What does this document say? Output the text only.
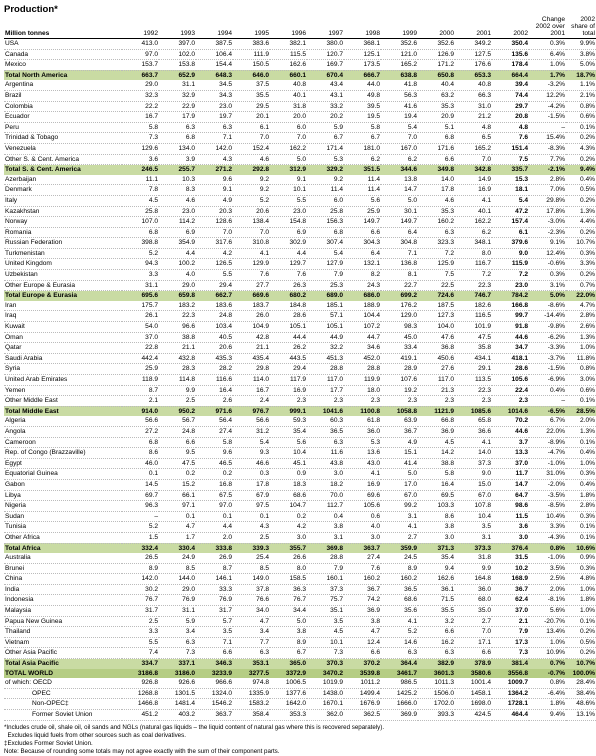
Production*
Million tonnes	1992	1993	1994	1995	1996	1997	1998	1999	2000	2001	2002	Change 2002 over 2001	2002 share of total
USA	413.0	397.0	387.5	383.6	382.1	380.0	368.1	352.6	352.6	349.2	350.4	0.3%	9.9%
Canada	97.0	102.0	106.4	111.9	115.5	120.7	125.1	121.0	126.9	127.5	135.6	6.4%	3.8%
Mexico	153.7	153.8	154.4	150.5	162.6	169.7	173.5	165.2	171.2	176.6	178.4	1.0%	5.0%
Total North America	663.7	652.9	648.3	646.0	660.1	670.4	666.7	638.8	650.8	653.3	664.4	1.7%	18.7%
Argentina	29.0	31.1	34.5	37.5	40.8	43.4	44.0	41.8	40.4	40.8	39.4	-3.2%	1.1%
Brazil	32.3	32.9	34.3	35.5	40.1	43.1	49.8	56.3	63.2	66.3	74.4	12.2%	2.1%
Colombia	22.2	22.9	23.0	29.5	31.8	33.2	39.5	41.6	35.3	31.0	29.7	-4.2%	0.8%
Ecuador	16.7	17.9	19.7	20.1	20.0	20.2	19.5	19.4	20.9	21.2	20.8	-1.5%	0.6%
Peru	5.8	6.3	6.3	6.1	6.0	5.9	5.8	5.4	5.1	4.8	4.8	–	0.1%
Trinidad & Tobago	7.3	6.8	7.1	7.0	7.0	6.7	6.7	7.0	6.8	6.5	7.6	15.4%	0.2%
Venezuela	129.6	134.0	142.0	152.4	162.2	171.4	181.0	167.0	171.6	165.2	151.4	-8.3%	4.3%
Other S. & Cent. America	3.6	3.9	4.3	4.6	5.0	5.3	6.2	6.2	6.6	7.0	7.5	7.7%	0.2%
Total S. & Cent. America	246.5	255.7	271.2	292.8	312.9	329.2	351.5	344.6	349.8	342.8	335.7	-2.1%	9.4%
Azerbaijan	11.1	10.3	9.6	9.2	9.1	9.2	11.4	13.8	14.0	14.9	15.3	2.8%	0.4%
Denmark	7.8	8.3	9.1	9.2	10.1	11.4	11.4	14.7	17.8	16.9	18.1	7.0%	0.5%
Italy	4.5	4.6	4.9	5.2	5.5	6.0	5.6	5.0	4.6	4.1	5.4	29.8%	0.2%
Kazakhstan	25.8	23.0	20.3	20.6	23.0	25.8	25.9	30.1	35.3	40.1	47.2	17.8%	1.3%
Norway	107.0	114.2	128.6	138.4	154.8	156.3	149.7	149.7	160.2	162.2	157.4	-3.0%	4.4%
Romania	6.8	6.9	7.0	7.0	6.9	6.8	6.6	6.4	6.3	6.2	6.1	-2.3%	0.2%
Russian Federation	398.8	354.9	317.6	310.8	302.9	307.4	304.3	304.8	323.3	348.1	379.6	9.1%	10.7%
Turkmenistan	5.2	4.4	4.2	4.1	4.4	5.4	6.4	7.1	7.2	8.0	9.0	12.4%	0.3%
United Kingdom	94.3	100.2	126.5	129.9	129.7	127.9	132.1	136.8	125.9	116.7	115.9	-0.6%	3.3%
Uzbekistan	3.3	4.0	5.5	7.6	7.6	7.9	8.2	8.1	7.5	7.2	7.2	0.3%	0.2%
Other Europe & Eurasia	31.1	29.0	29.4	27.7	26.3	25.3	24.3	22.7	22.5	22.3	23.0	3.1%	0.7%
Total Europe & Eurasia	695.6	659.8	662.7	669.6	680.2	689.0	686.0	699.2	724.6	746.7	784.2	5.0%	22.0%
Iran	175.7	183.2	183.6	183.7	184.8	185.1	188.9	176.2	187.5	182.6	166.8	-8.6%	4.7%
Iraq	26.1	22.3	24.8	26.0	28.6	57.1	104.4	129.0	127.3	116.5	99.7	-14.4%	2.8%
Kuwait	54.0	96.6	103.4	104.9	105.1	105.1	107.2	98.3	104.0	101.9	91.8	-9.8%	2.6%
Oman	37.0	38.8	40.5	42.8	44.4	44.9	44.7	45.0	47.6	47.5	44.6	-6.2%	1.3%
Qatar	22.8	21.1	20.6	21.1	26.2	32.2	34.6	33.4	36.8	35.8	34.7	-3.3%	1.0%
Saudi Arabia	442.4	432.8	435.3	435.4	443.5	451.3	452.0	419.1	450.6	434.1	418.1	-3.7%	11.8%
Syria	25.9	28.3	28.2	29.8	29.4	28.8	28.8	28.9	27.6	29.1	28.6	-1.5%	0.8%
United Arab Emirates	118.9	114.8	116.6	114.0	117.9	117.0	119.9	107.6	117.0	113.5	105.6	-6.9%	3.0%
Yemen	8.7	9.9	16.4	16.7	16.9	17.7	18.0	19.2	21.3	22.3	22.4	0.4%	0.6%
Other Middle East	2.1	2.5	2.6	2.4	2.3	2.3	2.3	2.3	2.3	2.3	2.3	–	0.1%
Total Middle East	914.0	950.2	971.6	976.7	999.1	1041.6	1100.8	1058.8	1121.9	1085.6	1014.6	-6.5%	28.5%
Algeria	56.6	56.7	56.4	56.6	59.3	60.3	61.8	63.9	66.8	65.8	70.2	6.7%	2.0%
Angola	27.2	24.8	27.4	31.2	35.4	36.5	36.0	36.7	36.9	36.6	44.6	22.0%	1.3%
Cameroon	6.8	6.6	5.8	5.4	5.6	6.3	5.3	4.9	4.5	4.1	3.7	-8.9%	0.1%
Rep. of Congo (Brazzaville)	8.6	9.5	9.6	9.3	10.4	11.6	13.6	15.1	14.2	14.0	13.3	-4.7%	0.4%
Egypt	46.0	47.5	46.5	46.6	45.1	43.8	43.0	41.4	38.8	37.3	37.0	-1.0%	1.0%
Equatorial Guinea	0.1	0.2	0.2	0.3	0.9	3.0	4.1	5.0	5.8	9.0	11.7	31.0%	0.3%
Gabon	14.5	15.2	16.8	17.8	18.3	18.2	16.9	17.0	16.4	15.0	14.7	-2.0%	0.4%
Libya	69.7	66.1	67.5	67.9	68.6	70.0	69.6	67.0	69.5	67.0	64.7	-3.5%	1.8%
Nigeria	96.3	97.1	97.0	97.5	104.7	112.7	105.6	99.2	103.3	107.8	98.6	-8.5%	2.8%
Sudan	–	0.1	0.1	0.1	0.2	0.4	0.6	3.1	8.6	10.4	11.5	10.4%	0.3%
Tunisia	5.2	4.7	4.4	4.3	4.2	3.8	4.0	4.1	3.8	3.5	3.6	3.3%	0.1%
Other Africa	1.5	1.7	2.0	2.5	3.0	3.1	3.0	2.7	3.0	3.1	3.0	-4.3%	0.1%
Total Africa	332.4	330.4	333.8	339.3	355.7	369.8	363.7	359.9	371.3	373.3	376.4	0.8%	10.6%
Australia	26.5	24.9	26.9	25.4	26.6	28.8	27.4	24.5	35.4	31.8	31.5	-1.0%	0.9%
Brunei	8.9	8.5	8.7	8.5	8.0	7.9	7.6	8.9	9.4	9.9	10.2	3.5%	0.3%
China	142.0	144.0	146.1	149.0	158.5	160.1	160.2	160.2	162.6	164.8	168.9	2.5%	4.8%
India	30.2	29.0	33.3	37.8	36.3	37.3	36.7	36.5	36.1	36.0	36.7	2.0%	1.0%
Indonesia	76.7	76.9	76.9	76.6	76.7	75.7	74.2	68.6	71.5	68.0	62.4	-8.1%	1.8%
Malaysia	31.7	31.1	31.7	34.0	34.4	35.1	36.9	35.6	35.5	35.0	37.0	5.6%	1.0%
Papua New Guinea	2.5	5.9	5.7	4.7	5.0	3.5	3.8	4.1	3.2	2.7	2.1	-20.7%	0.1%
Thailand	3.3	3.4	3.5	3.4	3.8	4.5	4.7	5.2	6.6	7.0	7.9	13.4%	0.2%
Vietnam	5.5	6.3	7.1	7.7	8.9	10.1	12.4	14.6	16.2	17.1	17.3	1.0%	0.5%
Other Asia Pacific	7.4	7.3	6.6	6.3	6.7	7.3	6.6	6.3	6.3	6.6	7.3	10.9%	0.2%
Total Asia Pacific	334.7	337.1	346.3	353.1	365.0	370.3	370.2	364.4	382.9	378.9	381.4	0.7%	10.7%
TOTAL WORLD	3186.8	3186.0	3233.9	3277.5	3372.9	3470.2	3539.8	3461.7	3601.3	3580.6	3556.8	-0.7%	100.0%
of which: OECD	926.8	926.6	966.6	974.8	1006.5	1019.9	1011.2	986.5	1011.3	1001.4	1009.7	0.8%	28.4%
OPEC	1268.8	1301.5	1324.0	1335.9	1377.6	1438.0	1499.4	1425.2	1506.0	1458.1	1364.2	-6.4%	38.4%
Non-OPEC‡	1466.8	1481.4	1546.2	1583.2	1642.0	1670.1	1676.9	1666.0	1702.0	1698.0	1728.1	1.8%	48.6%
Former Soviet Union	451.2	403.2	363.7	358.4	353.3	362.0	362.5	369.9	393.3	424.5	464.4	9.4%	13.1%
*Includes crude oil, shale oil, oil sands and NGLs (natural gas liquids – the liquid content of natural gas where this is recovered separately).
Excludes liquid fuels from other sources such as coal derivatives.
‡Excludes Former Soviet Union.
Note: Because of rounding some totals may not agree exactly with the sum of their component parts.
